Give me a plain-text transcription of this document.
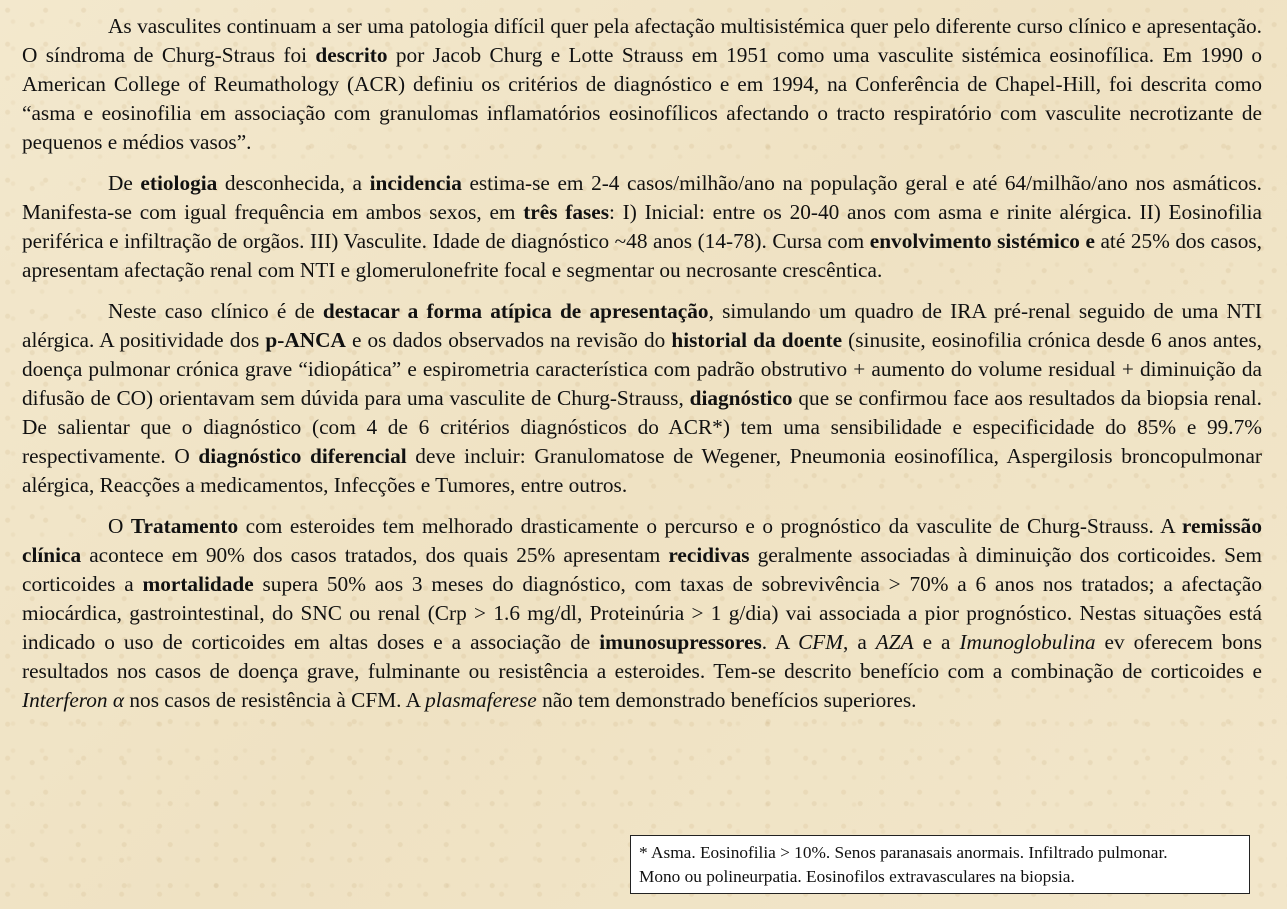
As vasculites continuam a ser uma patologia difícil quer pela afectação multisistémica quer pelo diferente curso clínico e apresentação. O síndroma de Churg-Straus foi descrito por Jacob Churg e Lotte Strauss em 1951 como uma vasculite sistémica eosinofílica. Em 1990 o American College of Reumathology (ACR) definiu os critérios de diagnóstico e em 1994, na Conferência de Chapel-Hill, foi descrita como “asma e eosinofilia em associação com granulomas inflamatórios eosinofílicos afectando o tracto respiratório com vasculite necrotizante de pequenos e médios vasos”.

De etiologia desconhecida, a incidencia estima-se em 2-4 casos/milhão/ano na população geral e até 64/milhão/ano nos asmáticos. Manifesta-se com igual frequência em ambos sexos, em três fases: I) Inicial: entre os 20-40 anos com asma e rinite alérgica. II) Eosinofilia periférica e infiltração de orgãos. III) Vasculite. Idade de diagnóstico ~48 anos (14-78). Cursa com envolvimento sistémico e até 25% dos casos, apresentam afectação renal com NTI e glomerulonefrite focal e segmentar ou necrosante crescêntica.

Neste caso clínico é de destacar a forma atípica de apresentação, simulando um quadro de IRA pré-renal seguido de uma NTI alérgica. A positividade dos p-ANCA e os dados observados na revisão do historial da doente (sinusite, eosinofilia crónica desde 6 anos antes, doença pulmonar crónica grave “idiopática” e espirometria característica com padrão obstrutivo + aumento do volume residual + diminuição da difusão de CO) orientavam sem dúvida para uma vasculite de Churg-Strauss, diagnóstico que se confirmou face aos resultados da biopsia renal. De salientar que o diagnóstico (com 4 de 6 critérios diagnósticos do ACR*) tem uma sensibilidade e especificidade do 85% e 99.7% respectivamente. O diagnóstico diferencial deve incluir: Granulomatose de Wegener, Pneumonia eosinofílica, Aspergilosis broncopulmonar alérgica, Reacções a medicamentos, Infecções e Tumores, entre outros.

O Tratamento com esteroides tem melhorado drasticamente o percurso e o prognóstico da vasculite de Churg-Strauss. A remissão clínica acontece em 90% dos casos tratados, dos quais 25% apresentam recidivas geralmente associadas à diminuição dos corticoides. Sem corticoides a mortalidade supera 50% aos 3 meses do diagnóstico, com taxas de sobrevivência > 70% a 6 anos nos tratados; a afectação miocárdica, gastrointestinal, do SNC ou renal (Crp > 1.6 mg/dl, Proteinúria > 1 g/dia) vai associada a pior prognóstico. Nestas situações está indicado o uso de corticoides em altas doses e a associação de imunosupressores. A CFM, a AZA e a Imunoglobulina ev oferecem bons resultados nos casos de doença grave, fulminante ou resistência a esteroides. Tem-se descrito benefício com a combinação de corticoides e Interferon α nos casos de resistência à CFM. A plasmaferese não tem demonstrado benefícios superiores.

* Asma. Eosinofilia > 10%. Senos paranasais anormais. Infiltrado pulmonar.
Mono ou polineurpatia. Eosinofilos extravasculares na biopsia.
